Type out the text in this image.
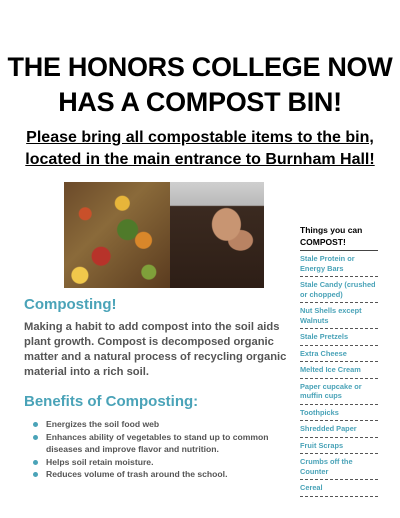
THE HONORS COLLEGE NOW
HAS A COMPOST BIN!
Please bring all compostable items to the bin,
located in the main entrance to Burnham Hall!
Composting!
Making a habit to add compost into the soil aids plant growth. Compost is decomposed organic matter and a natural process of recycling organic material into a rich soil.
Benefits of Composting:
Energizes the soil food web
Enhances ability of vegetables to stand up to common diseases and improve flavor and nutrition.
Helps soil retain moisture.
Reduces volume of trash around the school.
Things you can
COMPOST!
Stale Protein or Energy Bars
Stale Candy (crushed or chopped)
Nut Shells except Walnuts
Stale Pretzels
Extra Cheese
Melted Ice Cream
Paper cupcake or muffin cups
Toothpicks
Shredded Paper
Fruit Scraps
Crumbs off the Counter
Cereal
